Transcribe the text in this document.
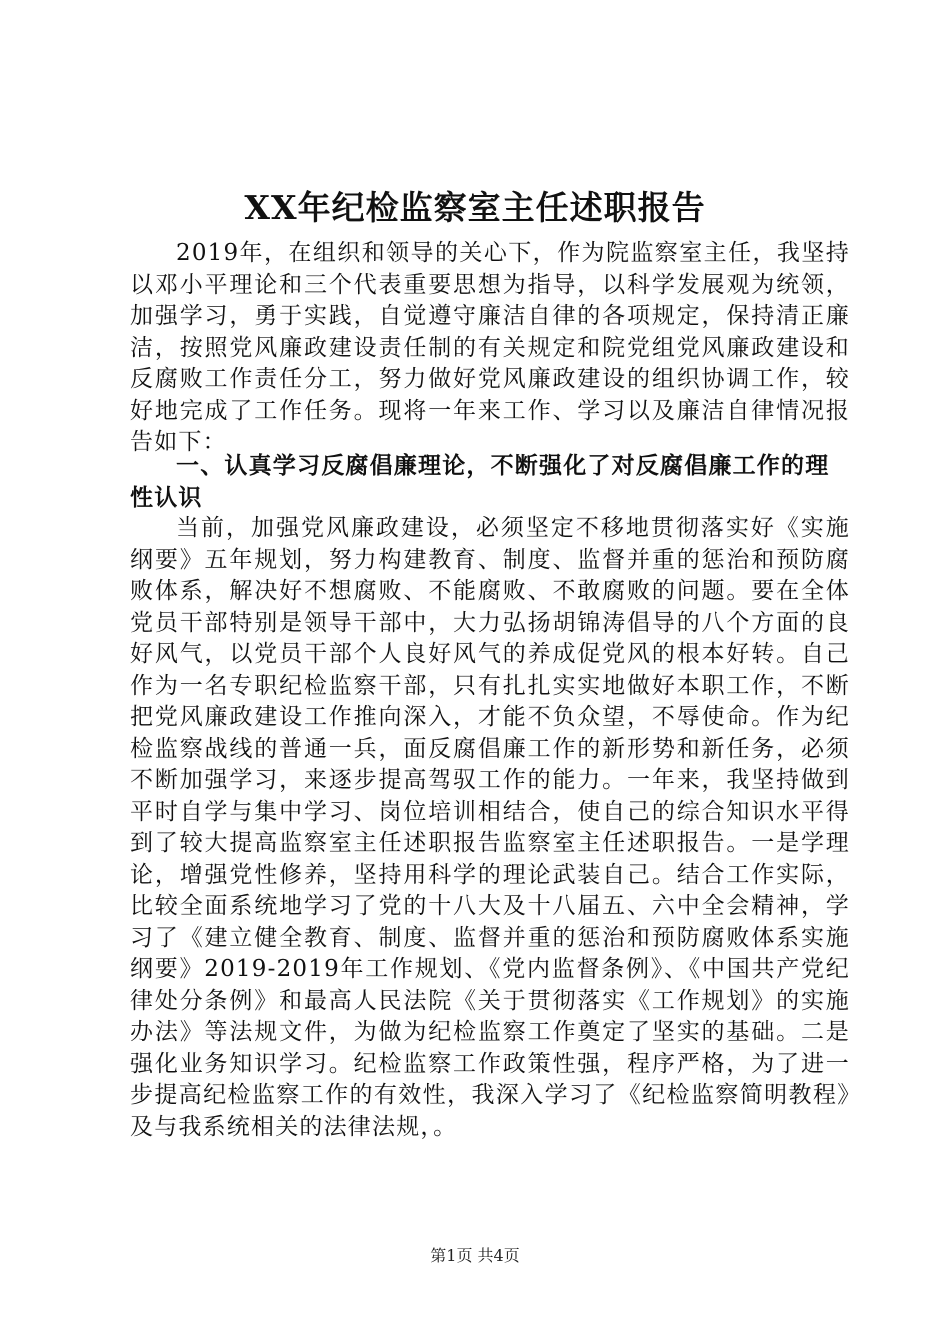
XX年纪检监察室主任述职报告

2019年，在组织和领导的关心下，作为院监察室主任，我坚持以邓小平理论和三个代表重要思想为指导，以科学发展观为统领，加强学习，勇于实践，自觉遵守廉洁自律的各项规定，保持清正廉洁，按照党风廉政建设责任制的有关规定和院党组党风廉政建设和反腐败工作责任分工，努力做好党风廉政建设的组织协调工作，较好地完成了工作任务。现将一年来工作、学习以及廉洁自律情况报告如下：

一、认真学习反腐倡廉理论，不断强化了对反腐倡廉工作的理性认识

当前，加强党风廉政建设，必须坚定不移地贯彻落实好《实施纲要》五年规划，努力构建教育、制度、监督并重的惩治和预防腐败体系，解决好不想腐败、不能腐败、不敢腐败的问题。要在全体党员干部特别是领导干部中，大力弘扬胡锦涛倡导的八个方面的良好风气，以党员干部个人良好风气的养成促党风的根本好转。自己作为一名专职纪检监察干部，只有扎扎实实地做好本职工作，不断把党风廉政建设工作推向深入，才能不负众望，不辱使命。作为纪检监察战线的普通一兵，面反腐倡廉工作的新形势和新任务，必须不断加强学习，来逐步提高驾驭工作的能力。一年来，我坚持做到平时自学与集中学习、岗位培训相结合，使自己的综合知识水平得到了较大提高监察室主任述职报告监察室主任述职报告。一是学理论，增强党性修养，坚持用科学的理论武装自己。结合工作实际，比较全面系统地学习了党的十八大及十八届五、六中全会精神，学习了《建立健全教育、制度、监督并重的惩治和预防腐败体系实施纲要》2019-2019年工作规划、《党内监督条例》、《中国共产党纪律处分条例》和最高人民法院《关于贯彻落实《工作规划》的实施办法》等法规文件，为做为纪检监察工作奠定了坚实的基础。二是强化业务知识学习。纪检监察工作政策性强，程序严格，为了进一步提高纪检监察工作的有效性，我深入学习了《纪检监察简明教程》及与我系统相关的法律法规，。

第1页 共4页
